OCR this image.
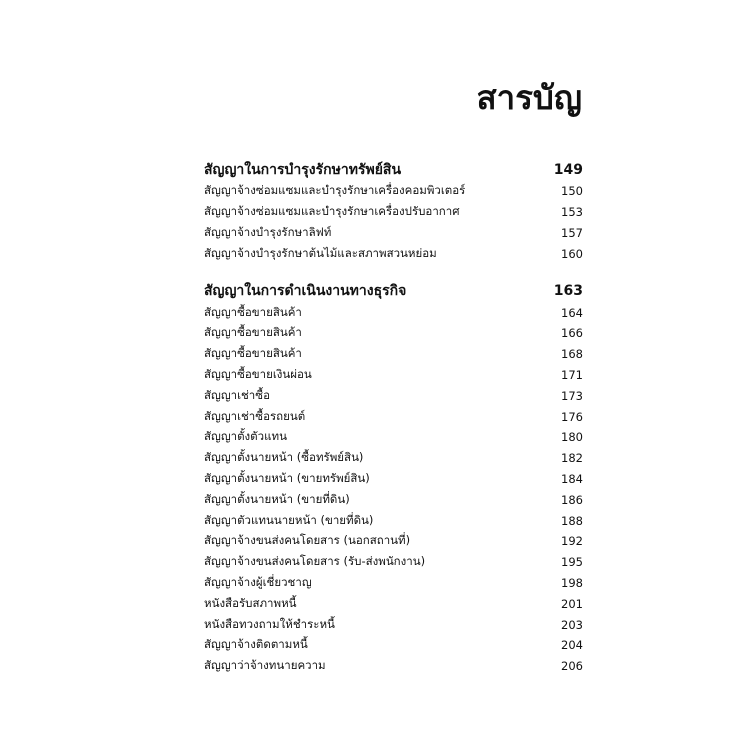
สารบัญ
สัญญาในการบำรุงรักษาทรัพย์สิน	149
สัญญาจ้างซ่อมแซมและบำรุงรักษาเครื่องคอมพิวเตอร์	150
สัญญาจ้างซ่อมแซมและบำรุงรักษาเครื่องปรับอากาศ	153
สัญญาจ้างบำรุงรักษาลิฟท์	157
สัญญาจ้างบำรุงรักษาต้นไม้และสภาพสวนหย่อม	160
สัญญาในการดำเนินงานทางธุรกิจ	163
สัญญาซื้อขายสินค้า	164
สัญญาซื้อขายสินค้า	166
สัญญาซื้อขายสินค้า	168
สัญญาซื้อขายเงินผ่อน	171
สัญญาเช่าซื้อ	173
สัญญาเช่าซื้อรถยนต์	176
สัญญาตั้งตัวแทน	180
สัญญาตั้งนายหน้า (ซื้อทรัพย์สิน)	182
สัญญาตั้งนายหน้า (ขายทรัพย์สิน)	184
สัญญาตั้งนายหน้า (ขายที่ดิน)	186
สัญญาตัวแทนนายหน้า (ขายที่ดิน)	188
สัญญาจ้างขนส่งคนโดยสาร (นอกสถานที่)	192
สัญญาจ้างขนส่งคนโดยสาร (รับ-ส่งพนักงาน)	195
สัญญาจ้างผู้เชี่ยวชาญ	198
หนังสือรับสภาพหนี้	201
หนังสือทวงถามให้ชำระหนี้	203
สัญญาจ้างติดตามหนี้	204
สัญญาว่าจ้างทนายความ	206
